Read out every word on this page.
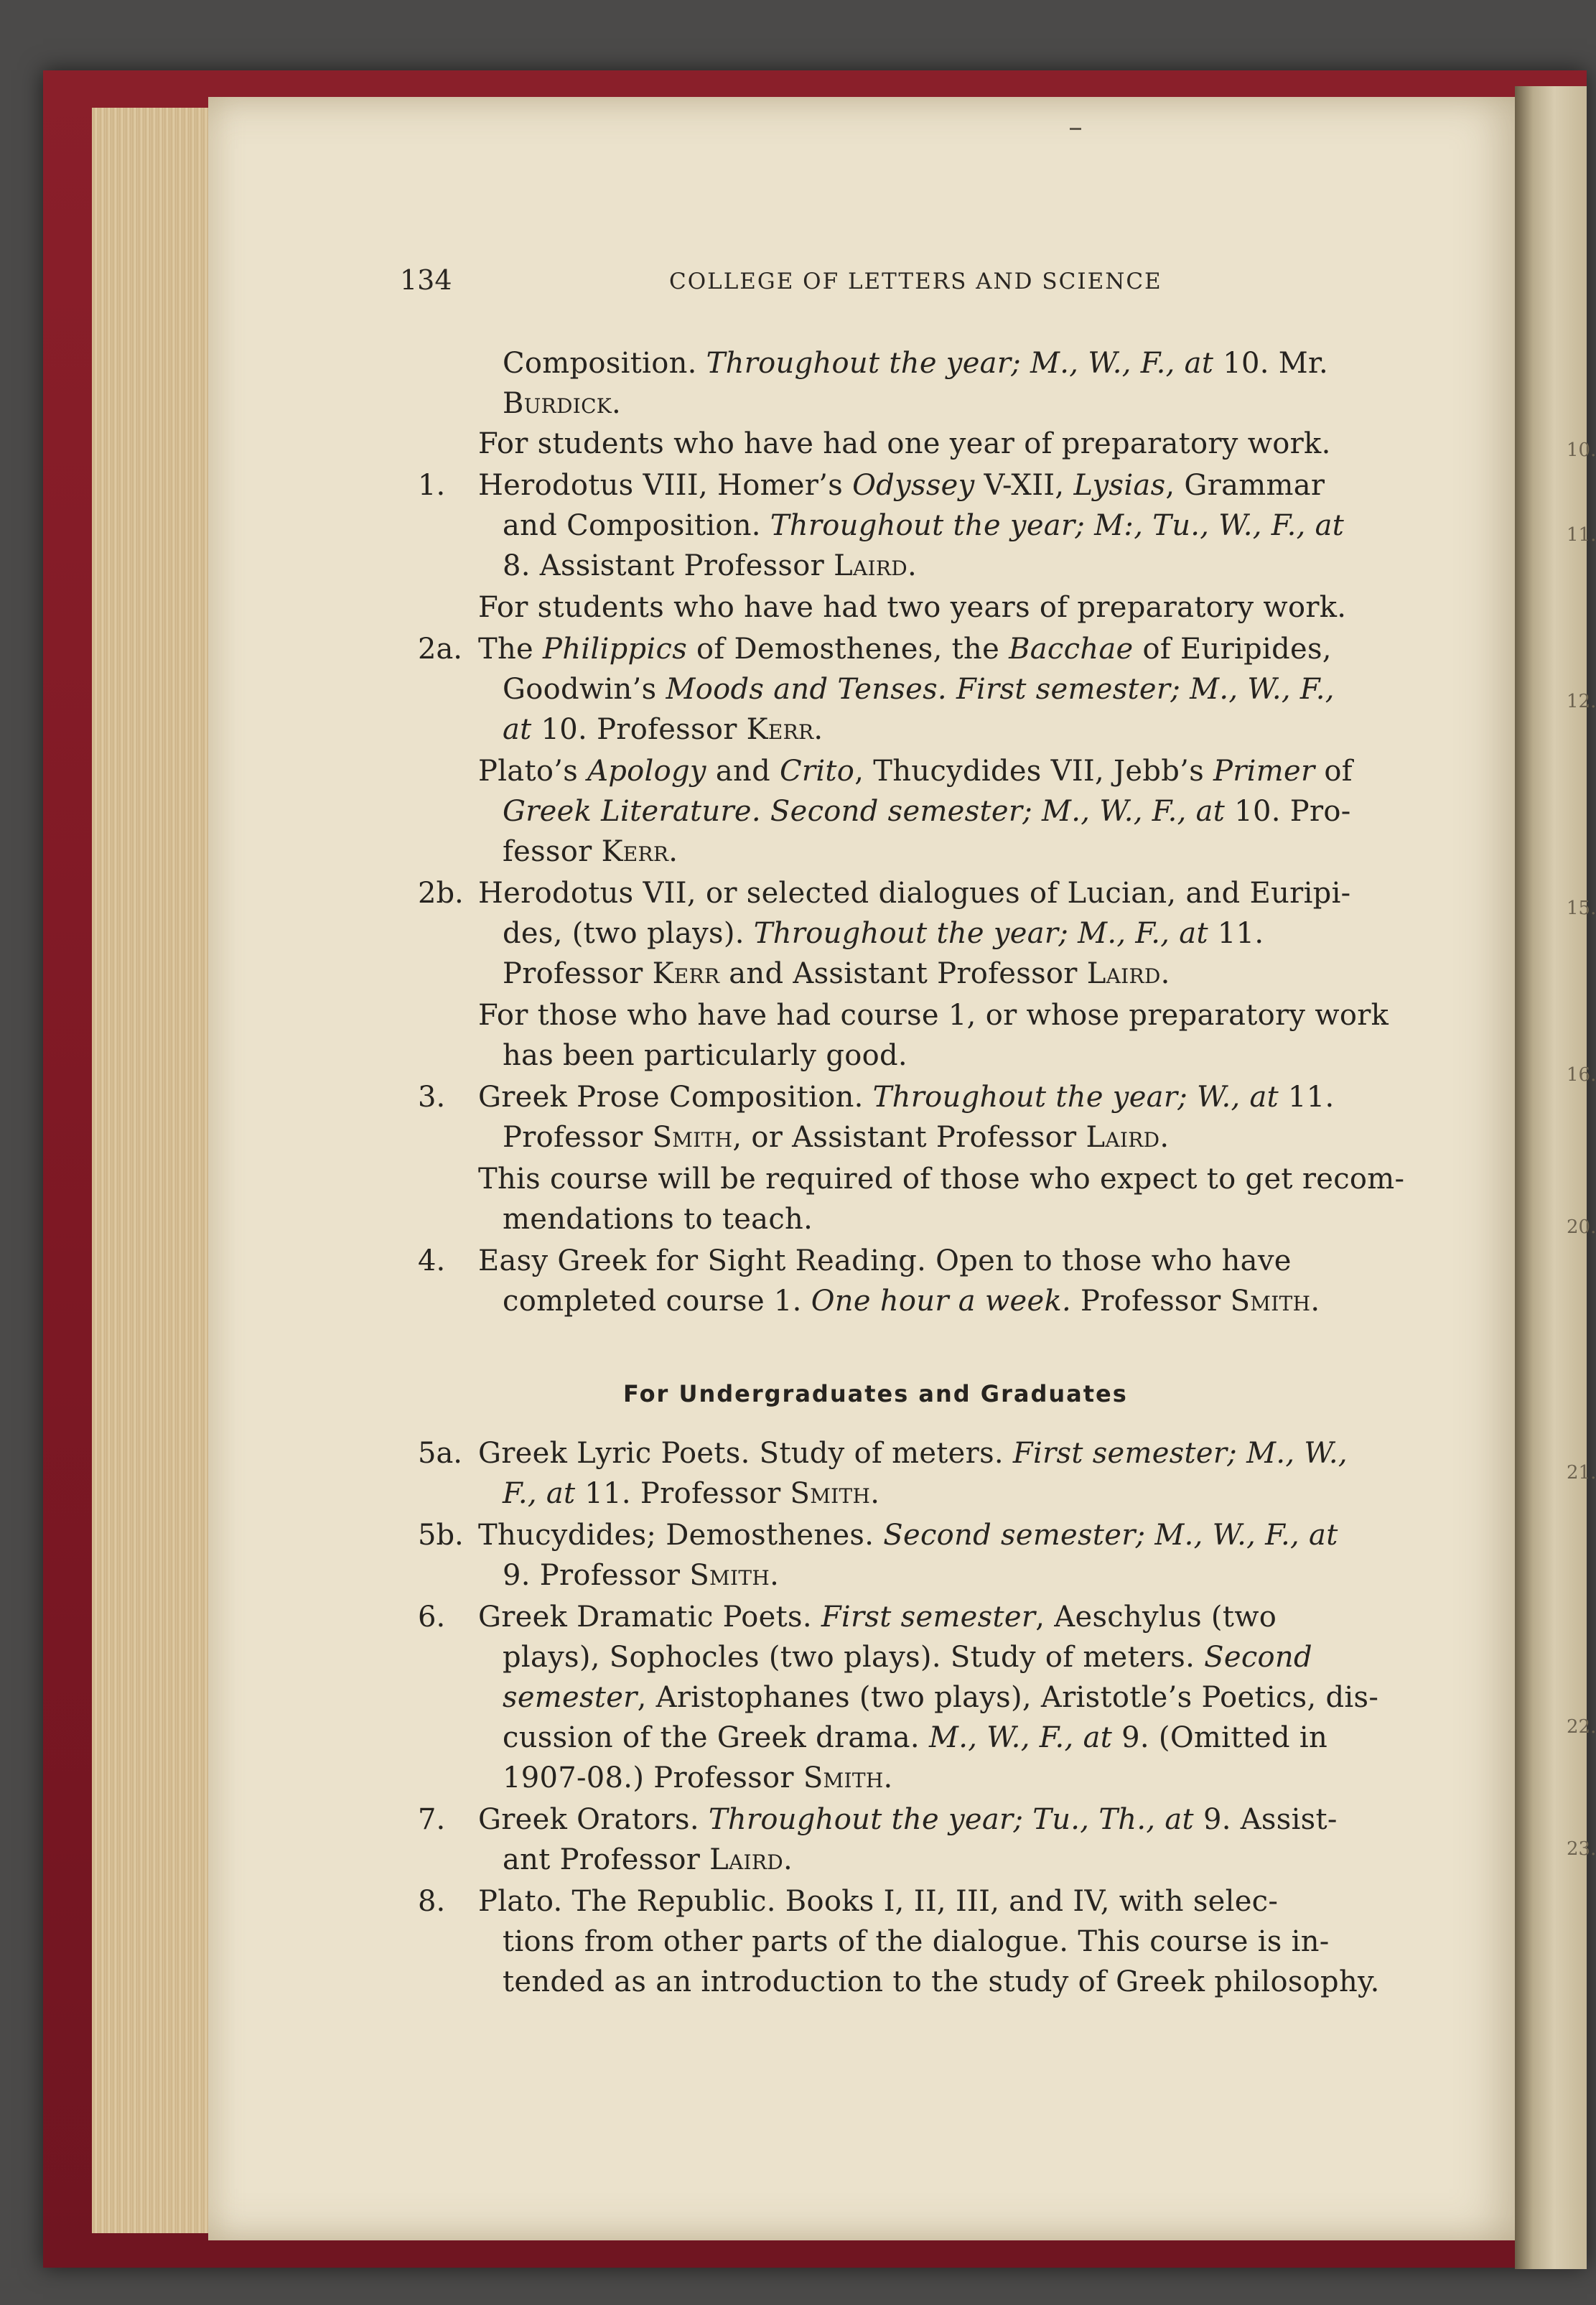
10.
11.
12.
15.
16.
20.
21.
22.
23.
134	COLLEGE OF LETTERS AND SCIENCE
Composition. Throughout the year; M., W., F., at 10. Mr.
Burdick.
For students who have had one year of preparatory work.
1. Herodotus VIII, Homer’s Odyssey V-XII, Lysias, Grammar
and Composition. Throughout the year; M:, Tu., W., F., at
8. Assistant Professor Laird.
For students who have had two years of preparatory work.
2a. The Philippics of Demosthenes, the Bacchae of Euripides,
Goodwin’s Moods and Tenses. First semester; M., W., F.,
at 10. Professor Kerr.
Plato’s Apology and Crito, Thucydides VII, Jebb’s Primer of
Greek Literature. Second semester; M., W., F., at 10. Pro-
fessor Kerr.
2b. Herodotus VII, or selected dialogues of Lucian, and Euripi-
des, (two plays). Throughout the year; M., F., at 11.
Professor Kerr and Assistant Professor Laird.
For those who have had course 1, or whose preparatory work
has been particularly good.
3. Greek Prose Composition. Throughout the year; W., at 11.
Professor Smith, or Assistant Professor Laird.
This course will be required of those who expect to get recom-
mendations to teach.
4. Easy Greek for Sight Reading. Open to those who have
completed course 1. One hour a week. Professor Smith.
For Undergraduates and Graduates
5a. Greek Lyric Poets. Study of meters. First semester; M., W.,
F., at 11. Professor Smith.
5b. Thucydides; Demosthenes. Second semester; M., W., F., at
9. Professor Smith.
6. Greek Dramatic Poets. First semester, Aeschylus (two
plays), Sophocles (two plays). Study of meters. Second
semester, Aristophanes (two plays), Aristotle’s Poetics, dis-
cussion of the Greek drama. M., W., F., at 9. (Omitted in
1907-08.) Professor Smith.
7. Greek Orators. Throughout the year; Tu., Th., at 9. Assist-
ant Professor Laird.
8. Plato. The Republic. Books I, II, III, and IV, with selec-
tions from other parts of the dialogue. This course is in-
tended as an introduction to the study of Greek philosophy.
